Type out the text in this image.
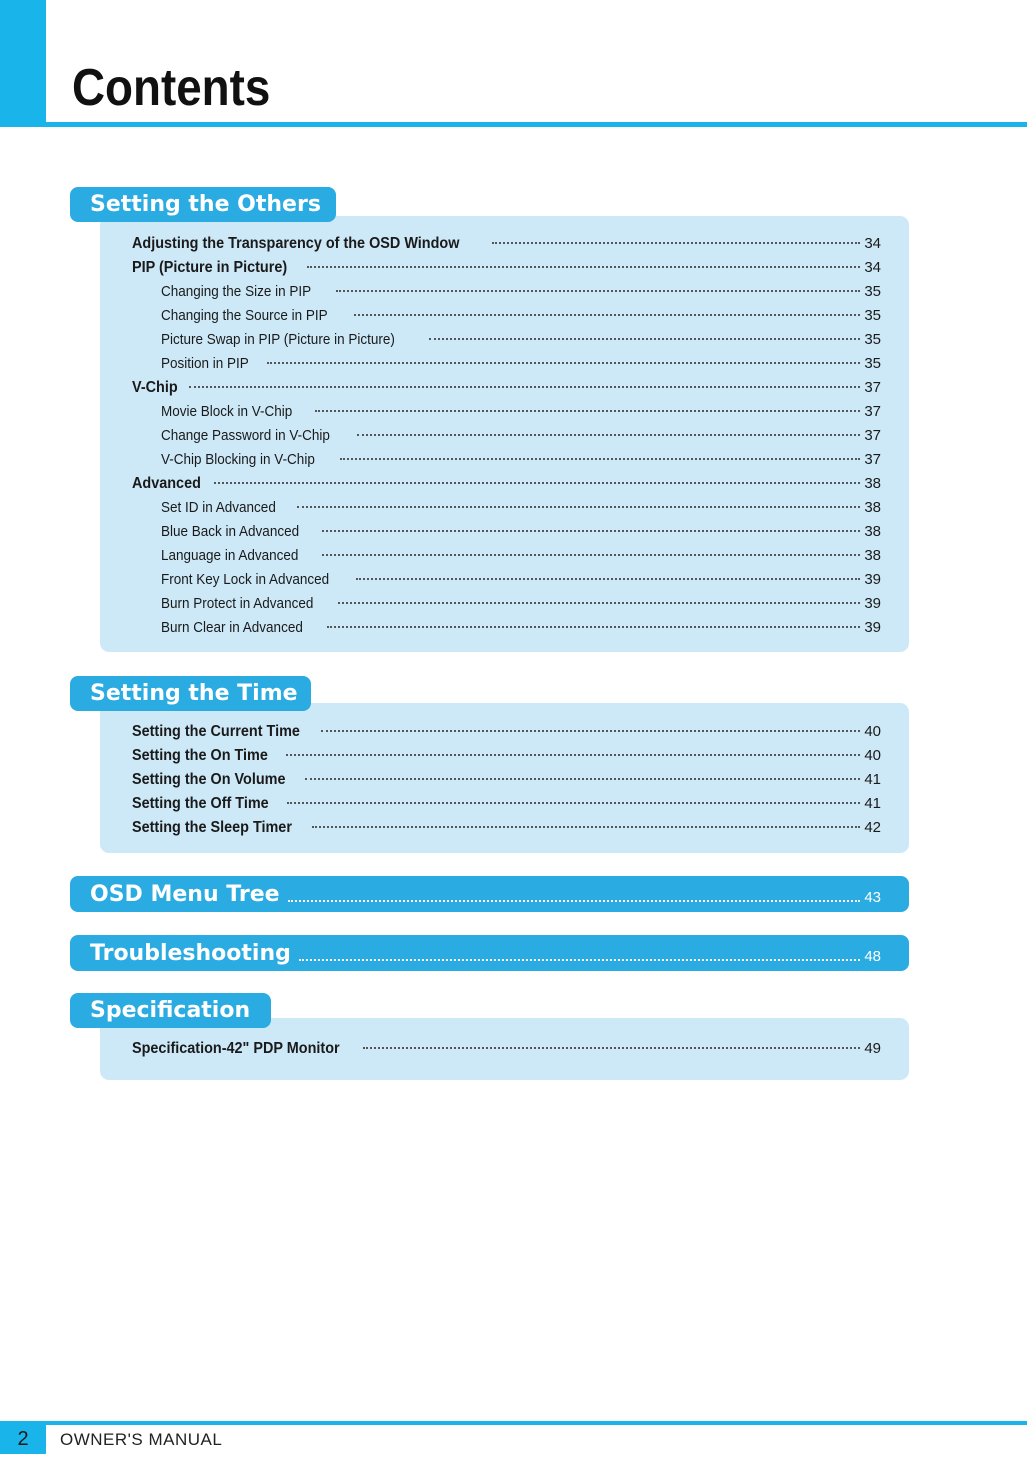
Contents
Adjusting the Transparency of the OSD Window	34
PIP (Picture in Picture)	34
Changing the Size in PIP	35
Changing the Source in PIP	35
Picture Swap in PIP (Picture in Picture)	35
Position in PIP	35
V-Chip	37
Movie Block in V-Chip	37
Change Password in V-Chip	37
V-Chip Blocking in V-Chip	37
Advanced	38
Set ID in Advanced	38
Blue Back in Advanced	38
Language in Advanced	38
Front Key Lock in Advanced	39
Burn Protect in Advanced	39
Burn Clear in Advanced	39
Setting the Others
Setting the Current Time	40
Setting the On Time	40
Setting the On Volume	41
Setting the Off Time	41
Setting the Sleep Timer	42
Setting the Time
OSD Menu Tree	43
Troubleshooting	48
Specification-42" PDP Monitor	49
Specification
2	OWNER'S MANUAL
